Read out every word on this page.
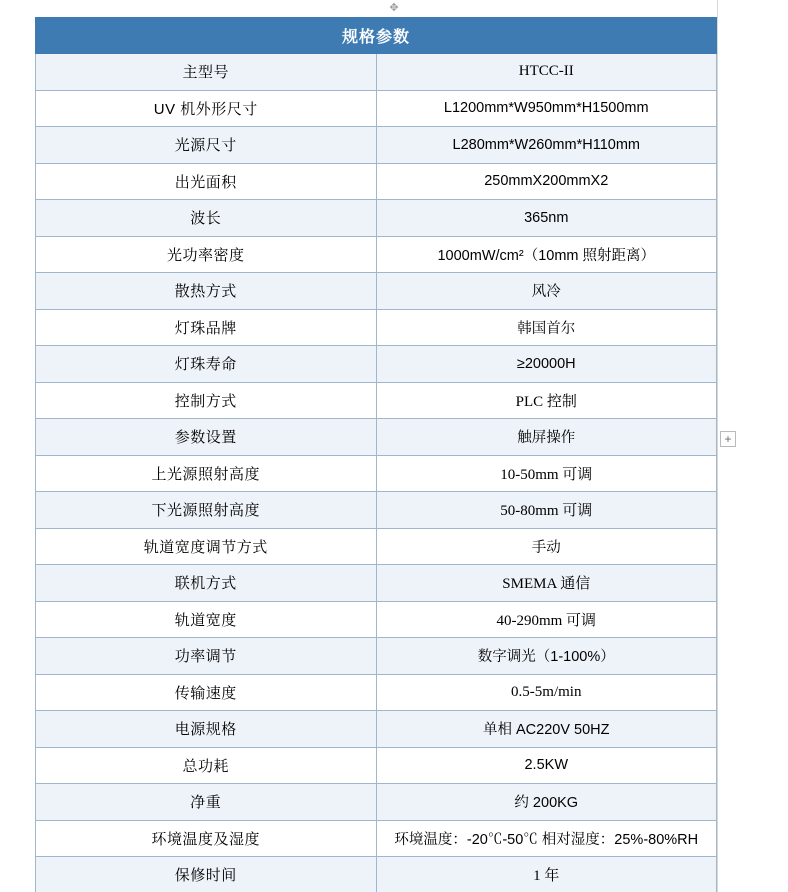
✥
+
规格参数	
主型号	HTCC-II
UV 机外形尺寸	L1200mm*W950mm*H1500mm
光源尺寸	L280mm*W260mm*H110mm
出光面积	250mmX200mmX2
波长	365nm
光功率密度	1000mW/cm²（10mm 照射距离）
散热方式	风冷
灯珠品牌	韩国首尔
灯珠寿命	≥20000H
控制方式	PLC 控制
参数设置	触屏操作
上光源照射高度	10-50mm 可调
下光源照射高度	50-80mm 可调
轨道宽度调节方式	手动
联机方式	SMEMA 通信
轨道宽度	40-290mm 可调
功率调节	数字调光（1-100%）
传输速度	0.5-5m/min
电源规格	单相 AC220V 50HZ
总功耗	2.5KW
净重	约 200KG
环境温度及湿度	环境温度：-20℃-50℃ 相对湿度：25%-80%RH
保修时间	1 年
